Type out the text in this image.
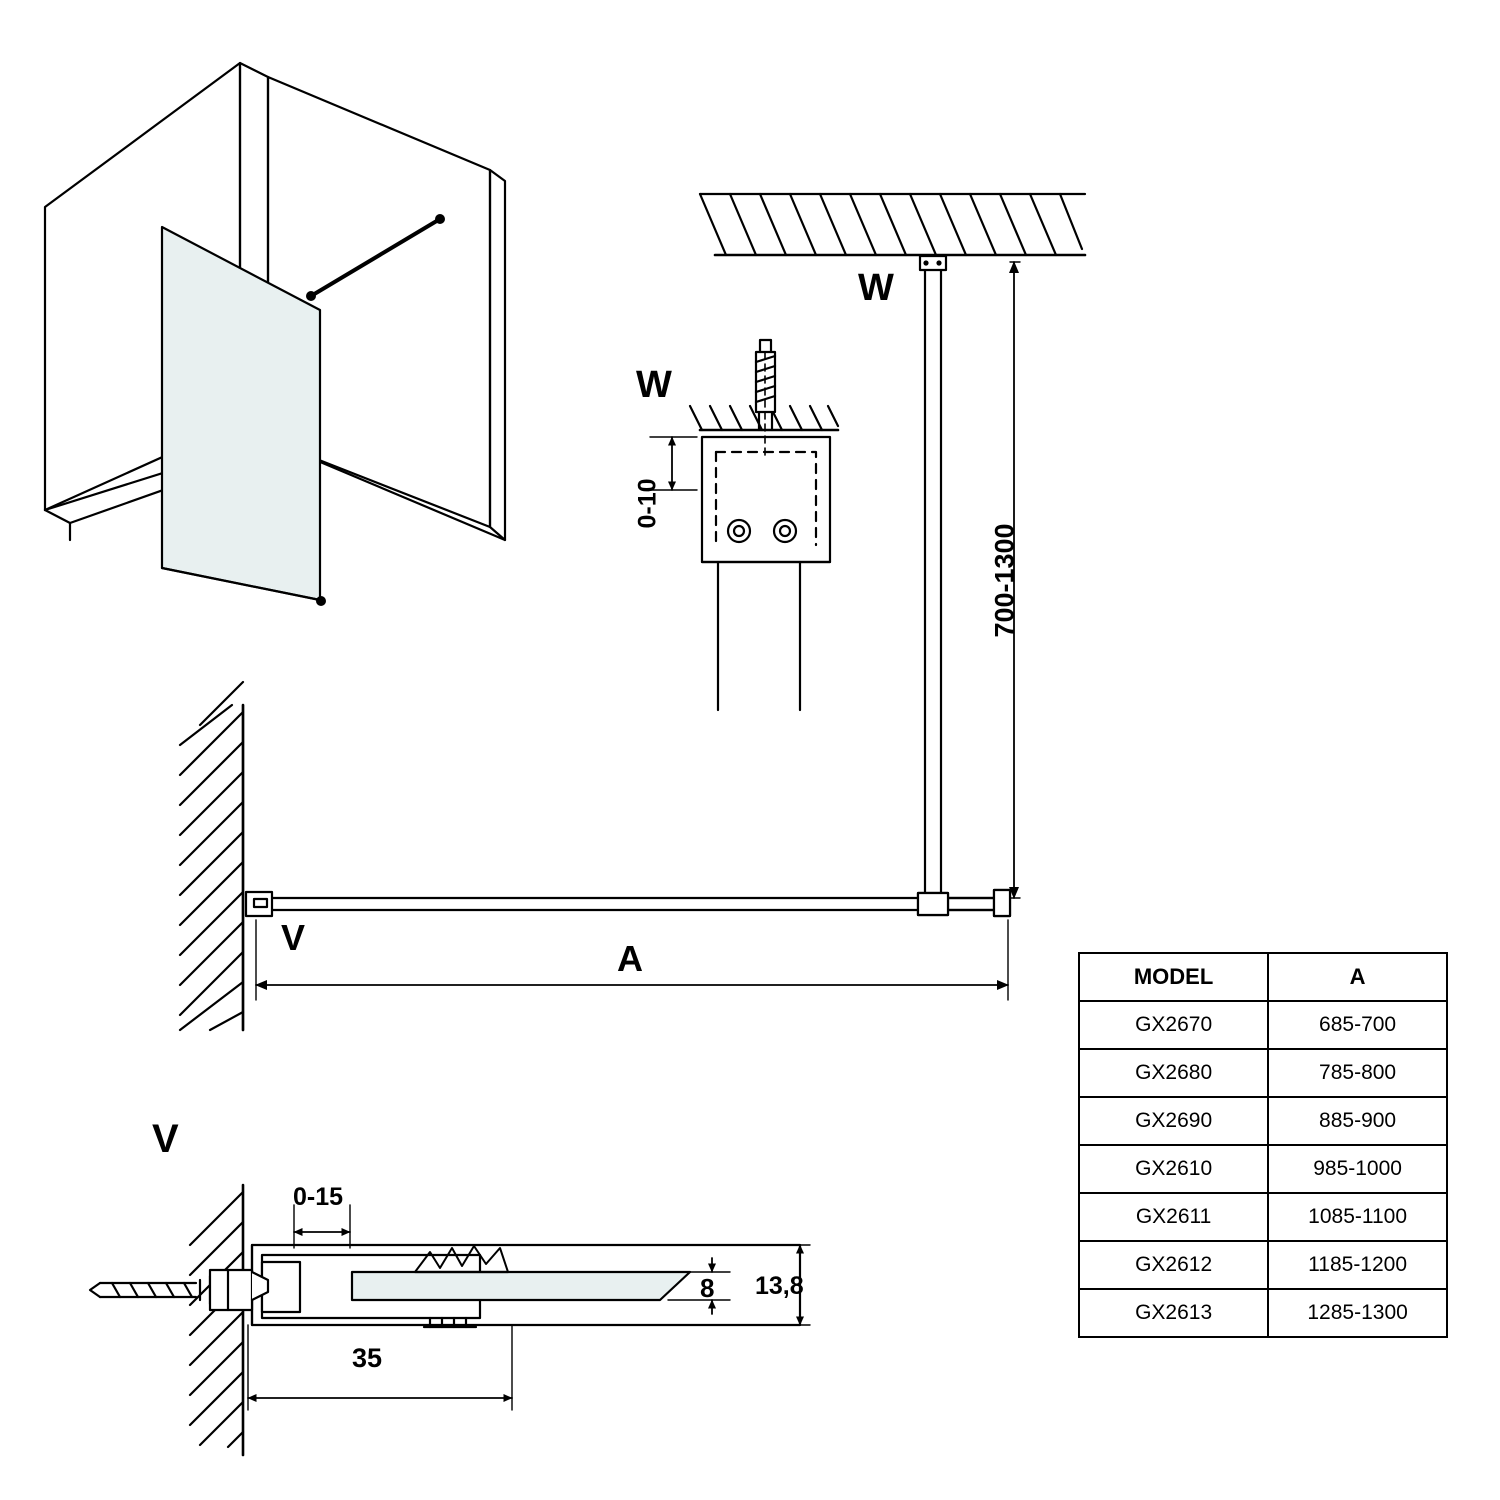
W
W
V
V
0-10
700-1300
A
0-15
8 13,8
35
MODEL	A
GX2670	685-700
GX2680	785-800
GX2690	885-900
GX2610	985-1000
GX2611	1085-1100
GX2612	1185-1200
GX2613	1285-1300
